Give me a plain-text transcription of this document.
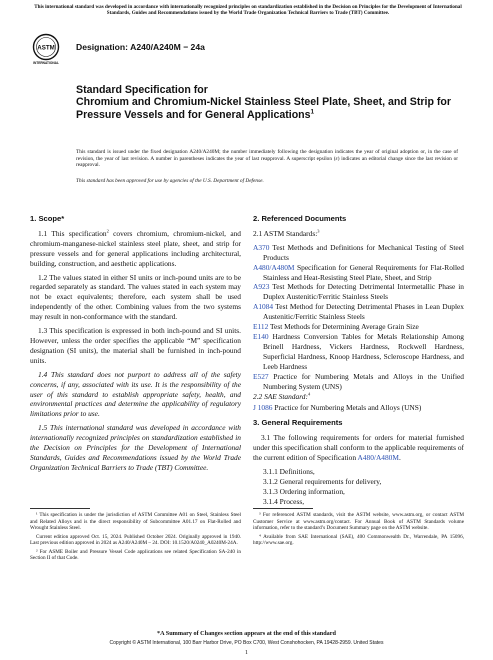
This international standard was developed in accordance with internationally recognized principles on standardization established in the Decision on Principles for the Development of International Standards, Guides and Recommendations issued by the World Trade Organization Technical Barriers to Trade (TBT) Committee.
ASTM
INTERNATIONAL
Designation: A240/A240M − 24a
Standard Specification for
Chromium and Chromium-Nickel Stainless Steel Plate, Sheet, and Strip for Pressure Vessels and for General Applications$^1$
This standard is issued under the fixed designation A240/A240M; the number immediately following the designation indicates the year of original adoption or, in the case of revision, the year of last revision. A number in parentheses indicates the year of last reapproval. A superscript epsilon (ε) indicates an editorial change since the last revision or reapproval.
This standard has been approved for use by agencies of the U.S. Department of Defense.
1. Scope*

1.1 This specification$^2$ covers chromium, chromium-nickel, and chromium-manganese-nickel stainless steel plate, sheet, and strip for pressure vessels and for general applications including architectural, building, construction, and aesthetic applications.

1.2 The values stated in either SI units or inch-pound units are to be regarded separately as standard. The values stated in each system may not be exact equivalents; therefore, each system shall be used independently of the other. Combining values from the two systems may result in non-conformance with the standard.

1.3 This specification is expressed in both inch-pound and SI units. However, unless the order specifies the applicable “M” specification designation (SI units), the material shall be furnished in inch-pound units.

1.4 This standard does not purport to address all of the safety concerns, if any, associated with its use. It is the responsibility of the user of this standard to establish appropriate safety, health, and environmental practices and determine the applicability of regulatory limitations prior to use.

1.5 This international standard was developed in accordance with internationally recognized principles on standardization established in the Decision on Principles for the Development of International Standards, Guides and Recommendations issued by the World Trade Organization Technical Barriers to Trade (TBT) Committee.

2. Referenced Documents

2.1 ASTM Standards:$^3$

A370 Test Methods and Definitions for Mechanical Testing of Steel Products
A480/A480M Specification for General Requirements for Flat-Rolled Stainless and Heat-Resisting Steel Plate, Sheet, and Strip
A923 Test Methods for Detecting Detrimental Intermetallic Phase in Duplex Austenitic/Ferritic Stainless Steels
A1084 Test Method for Detecting Detrimental Phases in Lean Duplex Austenitic/Ferritic Stainless Steels
E112 Test Methods for Determining Average Grain Size
E140 Hardness Conversion Tables for Metals Relationship Among Brinell Hardness, Vickers Hardness, Rockwell Hardness, Superficial Hardness, Knoop Hardness, Scleroscope Hardness, and Leeb Hardness
E527 Practice for Numbering Metals and Alloys in the Unified Numbering System (UNS)

2.2 SAE Standard:$^4$

J 1086 Practice for Numbering Metals and Alloys (UNS)
3. General Requirements

3.1 The following requirements for orders for material furnished under this specification shall conform to the applicable requirements of the current edition of Specification A480/A480M.

3.1.1 Definitions,
3.1.2 General requirements for delivery,
3.1.3 Ordering information,
3.1.4 Process,

¹ This specification is under the jurisdiction of ASTM Committee A01 on Steel, Stainless Steel and Related Alloys and is the direct responsibility of Subcommittee A01.17 on Flat-Rolled and Wrought Stainless Steel.

Current edition approved Oct. 15, 2024. Published October 2024. Originally approved in 1940. Last previous edition approved in 2024 as A240/A240M – 24. DOI: 10.1520/A0240_A0240M-24A.

² For ASME Boiler and Pressure Vessel Code applications see related Specification SA-240 in Section II of that Code.

³ For referenced ASTM standards, visit the ASTM website, www.astm.org, or contact ASTM Customer Service at www.astm.org/contact. For Annual Book of ASTM Standards volume information, refer to the standard’s Document Summary page on the ASTM website.

⁴ Available from SAE International (SAE), 400 Commonwealth Dr., Warrendale, PA 15096, http://www.sae.org.

*A Summary of Changes section appears at the end of this standard
Copyright © ASTM International, 100 Barr Harbor Drive, PO Box C700, West Conshohocken, PA 19428-2959. United States
1
